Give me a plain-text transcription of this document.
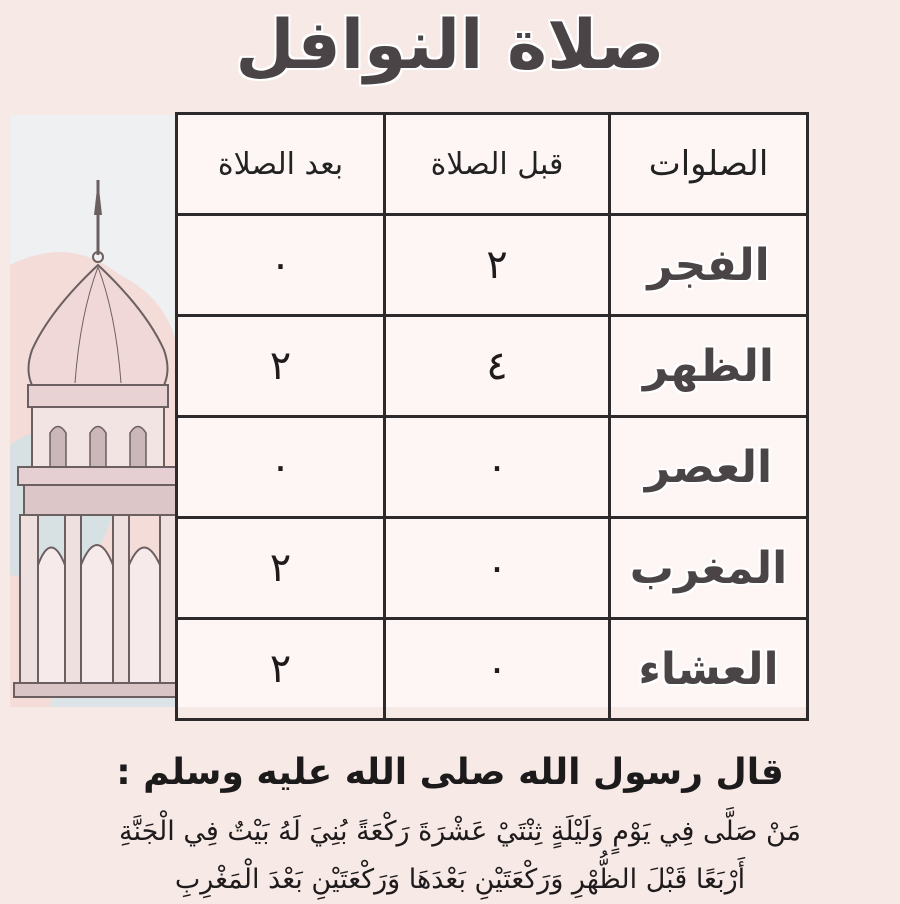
صلاة النوافل
الصلوات	قبل الصلاة	بعد الصلاة
الفجر	٢	٠
الظهر	٤	٢
العصر	٠	٠
المغرب	٠	٢
العشاء	٠	٢
قال رسول الله صلى الله عليه وسلم :
مَنْ صَلَّى فِي يَوْمٍ وَلَيْلَةٍ ثِنْتَيْ عَشْرَةَ رَكْعَةً بُنِيَ لَهُ بَيْتٌ فِي الْجَنَّةِ أَرْبَعًا قَبْلَ الظُّهْرِ وَرَكْعَتَيْنِ بَعْدَهَا وَرَكْعَتَيْنِ بَعْدَ الْمَغْرِبِ
